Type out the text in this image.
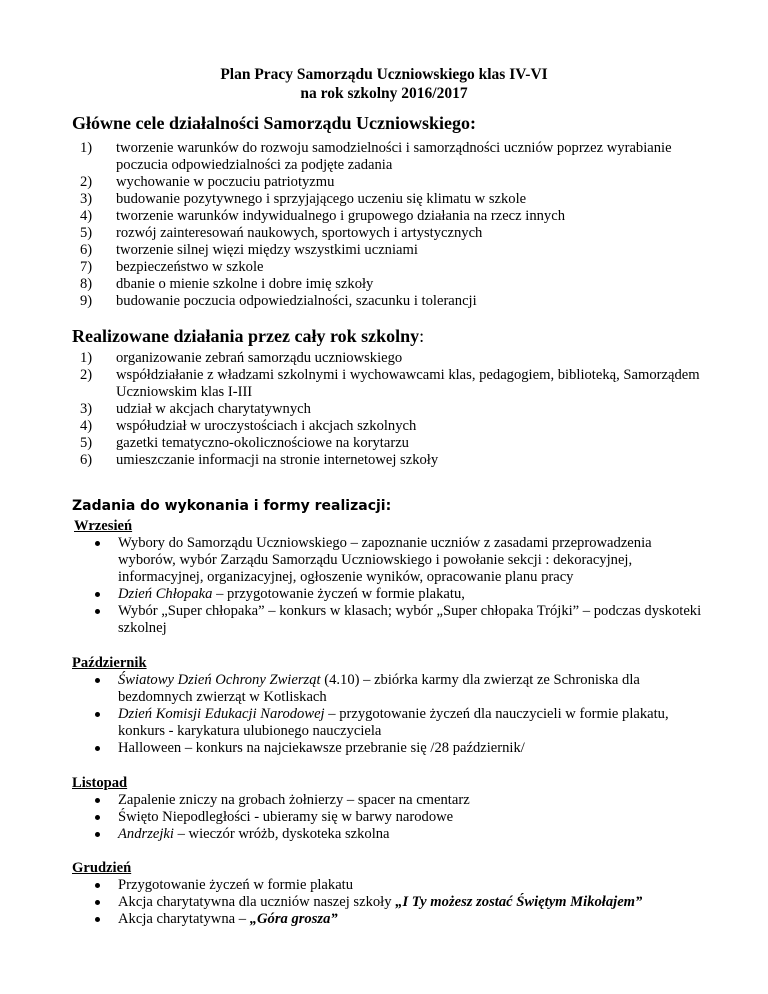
Plan Pracy Samorządu Uczniowskiego klas IV-VI
na rok szkolny 2016/2017
Główne cele działalności Samorządu Uczniowskiego:
1) tworzenie warunków do rozwoju samodzielności i samorządności uczniów poprzez wyrabianie poczucia odpowiedzialności za podjęte zadania
2) wychowanie w poczuciu patriotyzmu
3) budowanie pozytywnego i sprzyjającego uczeniu się klimatu w szkole
4) tworzenie warunków indywidualnego i grupowego działania na rzecz innych
5) rozwój zainteresowań naukowych, sportowych i artystycznych
6) tworzenie silnej więzi między wszystkimi uczniami
7) bezpieczeństwo w szkole
8) dbanie o mienie szkolne i dobre imię szkoły
9) budowanie poczucia odpowiedzialności, szacunku i tolerancji
Realizowane działania przez cały rok szkolny:
1) organizowanie zebrań samorządu uczniowskiego
2) współdziałanie z władzami szkolnymi i wychowawcami klas, pedagogiem, biblioteką, Samorządem Uczniowskim klas I-III
3) udział w akcjach charytatywnych
4) współudział w uroczystościach i akcjach szkolnych
5) gazetki tematyczno-okolicznościowe na korytarzu
6) umieszczanie informacji na stronie internetowej szkoły
Zadania do wykonania i formy realizacji:
Wrzesień
Wybory do Samorządu Uczniowskiego – zapoznanie uczniów z zasadami przeprowadzenia wyborów, wybór Zarządu Samorządu Uczniowskiego i powołanie sekcji : dekoracyjnej, informacyjnej, organizacyjnej, ogłoszenie wyników, opracowanie planu pracy
Dzień Chłopaka – przygotowanie życzeń w formie plakatu,
Wybór „Super chłopaka” – konkurs w klasach; wybór „Super chłopaka Trójki” – podczas dyskoteki szkolnej
Październik
Światowy Dzień Ochrony Zwierząt (4.10) – zbiórka karmy dla zwierząt ze Schroniska dla bezdomnych zwierząt w Kotliskach
Dzień Komisji Edukacji Narodowej – przygotowanie życzeń dla nauczycieli w formie plakatu, konkurs - karykatura ulubionego nauczyciela
Halloween – konkurs na najciekawsze przebranie się /28 październik/
Listopad
Zapalenie zniczy na grobach żołnierzy – spacer na cmentarz
Święto Niepodległości - ubieramy się w barwy narodowe
Andrzejki – wieczór wróżb, dyskoteka szkolna
Grudzień
Przygotowanie życzeń w formie plakatu
Akcja charytatywna dla uczniów naszej szkoły „I Ty możesz zostać Świętym Mikołajem”
Akcja charytatywna – „Góra grosza”
